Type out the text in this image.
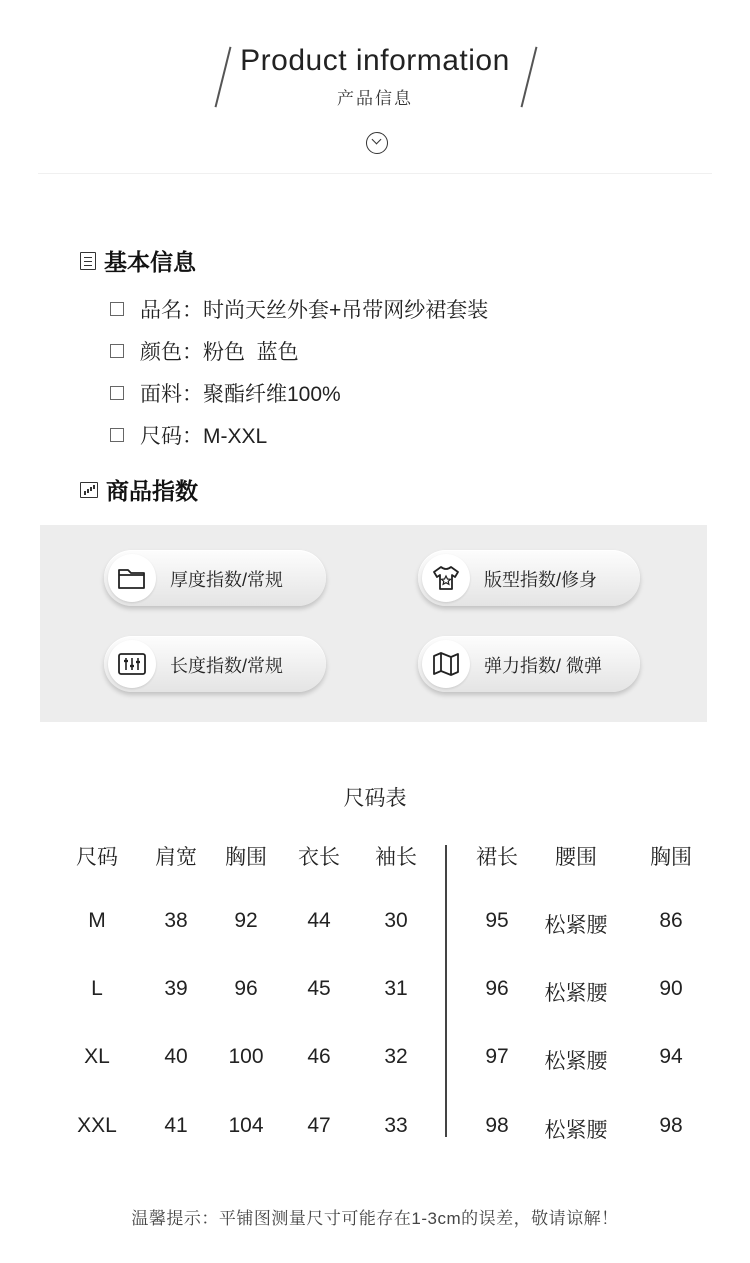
Product information
产品信息
基本信息
品名：时尚天丝外套+吊带网纱裙套装
颜色：粉色  蓝色
面料：聚酯纤维100%
尺码：M-XXL
商品指数
厚度指数/常规	版型指数/修身
长度指数/常规	弹力指数/ 微弹
尺码表
尺码	肩宽	胸围	衣长	袖长	裙长	腰围	胸围
M	38	92	44	30	95	松紧腰	86
L	39	96	45	31	96	松紧腰	90
XL	40	100	46	32	97	松紧腰	94
XXL	41	104	47	33	98	松紧腰	98
温馨提示：平铺图测量尺寸可能存在1-3cm的误差，敬请谅解！
